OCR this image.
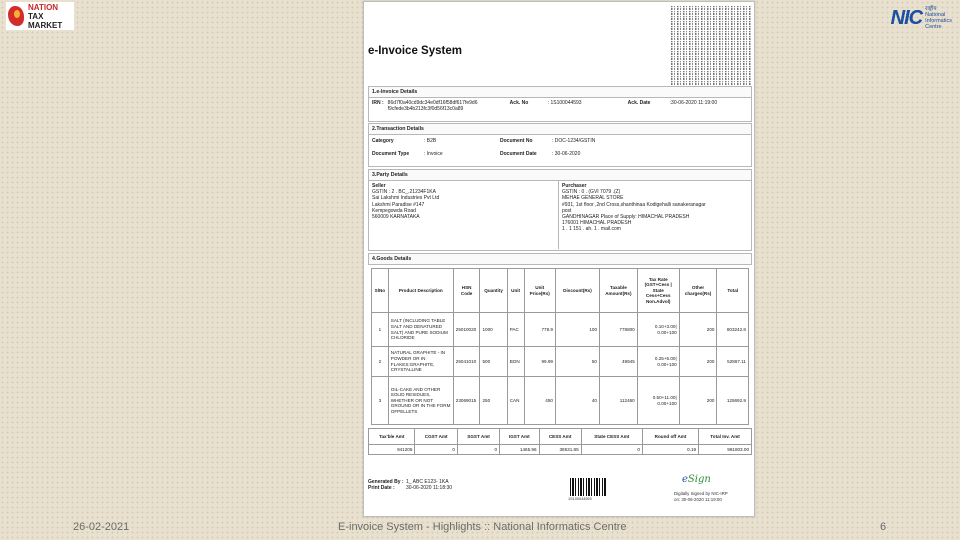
NATION
TAX
MARKET	NIC राष्ट्रीय
National
Informatics
Centre
e-Invoice System
1.e-Invoice Details
IRN : 86d7f0a40cd9dc34e0df16f58df617fe9d6 f9cfede3b4b213fc3f0d56f13c0a89
Ack. No	: 1S100044593	Ack. Date	:30-06-2020 11:19:00
2.Transaction Details
Category	: B2B	Document No	: DOC-1234/GSTIN
Document Type	: Invoice	Document Date	: 30-06-2020
3.Party Details
Seller
GSTIN : 2 . BC_.21234F1KA
Sai Lakshmi Industries Pvt Ltd
Lakshmi Paradise #147
Kempegowda Road
560009 KARNATAKA
Purchaser
GSTIN : 0 . (GVI 7079 .(Z)
MEHAE GENERAL STORE
#931, 1st floor ,2nd Cross,shanthinaa Kodigehalli sanakeranagar
post
GANDHINAGAR Place of Supply: HIMACHAL PRADESH
176001 HIMACHAL PRADESH
1 . 1 151 . ah. 1 . mail.com
4.Goods Details
SlNo	Product Description	HSN Code	Quantity	Unit	Unit Price(Rs)	Discount(Rs)	Taxable Amount(Rs)	Tax Rate (GST+Cess | State Cess+Cess Non.Advol)	Other charges(Rs)	Total
1	SALT (INCLUDING TABLE SALT AND DENATURED SALT) AND PURE SODIUM CHLORIDE	25010020	1000	PAC	778.9	100	778800	0.10+3.00| 0.00+100	200	803242.8
2	NATURAL GRAPHITE - IN POWDER OR IN FLAKES:GRAPHITE, CRYSTALLINE	25041010	500	BON	99.99	50	49945	0.25+5.00| 0.00+100	200	52867.11
3	OIL-CAKE AND OTHER SOLID RESIDUES, WHETHER OR NOT GROUND OR IN THE FORM OFPELLETS	23069015	250	CAN	450	40	112460	0.50+11.00| 0.00+100	200	125692.9
Tax'ble Amt	CGST Amt	SGST Amt	IGST Amt	CESS Amt	State CESS Amt	Round off Amt	Total Inv. Amt
941205	0	0	1465.96	38531.85	0	0.19	981803.00
Generated By : 1_ ABC E123- 1KA
Print Date :	30-06-2020 11:18:30
1S100044593
eSign
Digitally Signed by NIC-IRP
on: 30-06-2020 11:19:00
26-02-2021	E-invoice System - Highlights :: National Informatics Centre	6
